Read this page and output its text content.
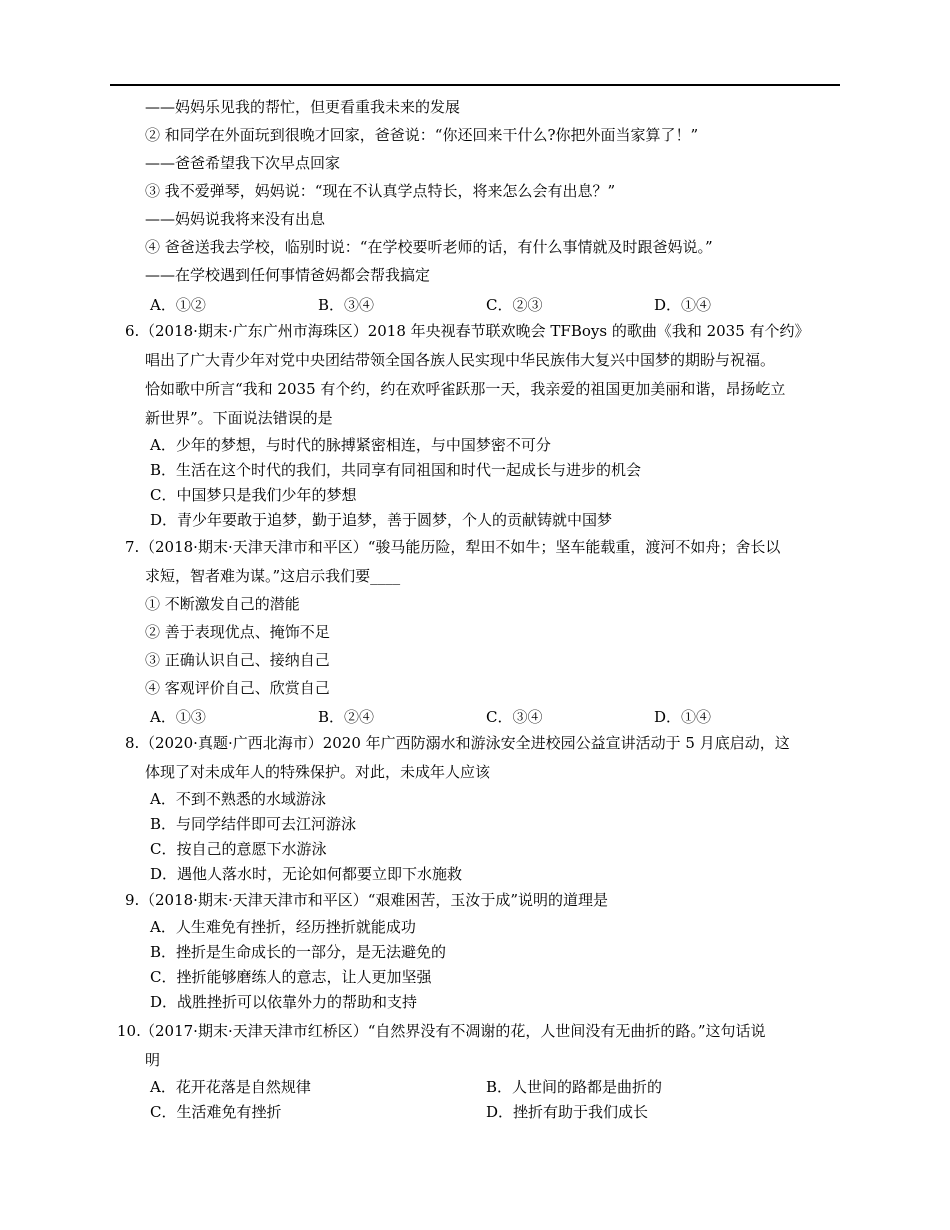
——妈妈乐见我的帮忙，但更看重我未来的发展
② 和同学在外面玩到很晚才回家，爸爸说：“你还回来干什么?你把外面当家算了！”
——爸爸希望我下次早点回家
③ 我不爱弹琴，妈妈说：“现在不认真学点特长，将来怎么会有出息？”
——妈妈说我将来没有出息
④ 爸爸送我去学校，临别时说：“在学校要听老师的话，有什么事情就及时跟爸妈说。”
——在学校遇到任何事情爸妈都会帮我搞定
A．①②	B．③④	C．②③	D．①④
6. （2018·期末·广东广州市海珠区）2018 年央视春节联欢晚会 TFBoys 的歌曲《我和 2035 有个约》
唱出了广大青少年对党中央团结带领全国各族人民实现中华民族伟大复兴中国梦的期盼与祝福。
恰如歌中所言“我和 2035 有个约，约在欢呼雀跃那一天，我亲爱的祖国更加美丽和谐，昂扬屹立
新世界”。下面说法错误的是
A．少年的梦想，与时代的脉搏紧密相连，与中国梦密不可分
B．生活在这个时代的我们，共同享有同祖国和时代一起成长与进步的机会
C．中国梦只是我们少年的梦想
D．青少年要敢于追梦，勤于追梦，善于圆梦，个人的贡献铸就中国梦
7. （2018·期末·天津天津市和平区）“骏马能历险，犁田不如牛；坚车能载重，渡河不如舟；舍长以
求短，智者难为谋。”这启示我们要____
① 不断激发自己的潜能
② 善于表现优点、掩饰不足
③ 正确认识自己、接纳自己
④ 客观评价自己、欣赏自己
A．①③	B．②④	C．③④	D．①④
8. （2020·真题·广西北海市）2020 年广西防溺水和游泳安全进校园公益宣讲活动于 5 月底启动，这
体现了对未成年人的特殊保护。对此，未成年人应该
A．不到不熟悉的水域游泳
B．与同学结伴即可去江河游泳
C．按自己的意愿下水游泳
D．遇他人落水时，无论如何都要立即下水施救
9. （2018·期末·天津天津市和平区）“艰难困苦，玉汝于成”说明的道理是
A．人生难免有挫折，经历挫折就能成功
B．挫折是生命成长的一部分，是无法避免的
C．挫折能够磨练人的意志，让人更加坚强
D．战胜挫折可以依靠外力的帮助和支持
10. （2017·期末·天津天津市红桥区）“自然界没有不凋谢的花，人世间没有无曲折的路。”这句话说
明
A．花开花落是自然规律	B．人世间的路都是曲折的
C．生活难免有挫折	D．挫折有助于我们成长
